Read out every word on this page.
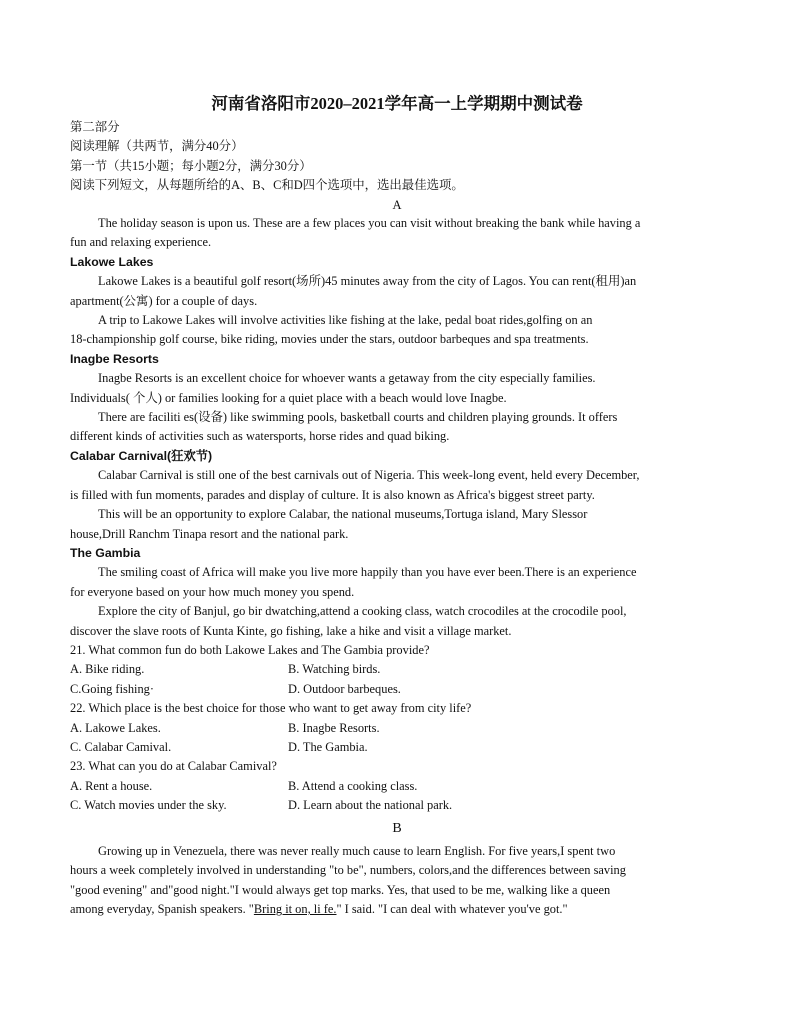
河南省洛阳市2020–2021学年高一上学期期中测试卷
第二部分
阅读理解（共两节，满分40分）
第一节（共15小题；每小题2分，满分30分）
阅读下列短文，从每题所给的A、B、C和D四个选项中，选出最佳选项。
A
The holiday season is upon us. These are a few places you can visit without breaking the bank while having a
fun and relaxing experience.
Lakowe Lakes
Lakowe Lakes is a beautiful golf resort(场所)45 minutes away from the city of Lagos. You can rent(租用)an
apartment(公寓) for a couple of days.
A trip to Lakowe Lakes will involve activities like fishing at the lake, pedal boat rides,golfing on an
18-championship golf course, bike riding, movies under the stars, outdoor barbeques and spa treatments.
Inagbe Resorts
Inagbe Resorts is an excellent choice for whoever wants a getaway from the city especially families.
Individuals( 个人) or families looking for a quiet place with a beach would love Inagbe.
There are faciliti es(设备) like swimming pools, basketball courts and children playing grounds. It offers
different kinds of activities such as watersports, horse rides and quad biking.
Calabar Carnival(狂欢节)
Calabar Carnival is still one of the best carnivals out of Nigeria. This week-long event, held every December,
is filled with fun moments, parades and display of culture. It is also known as Africa's biggest street party.
This will be an opportunity to explore Calabar, the national museums,Tortuga island, Mary Slessor
house,Drill Ranchm Tinapa resort and the national park.
The Gambia
The smiling coast of Africa will make you live more happily than you have ever been.There is an experience
for everyone based on your how much money you spend.
Explore the city of Banjul, go bir dwatching,attend a cooking class, watch crocodiles at the crocodile pool,
discover the slave roots of Kunta Kinte, go fishing, lake a hike and visit a village market.
21. What common fun do both Lakowe Lakes and The Gambia provide?
A. Bike riding.	B. Watching birds.
C.Going fishing·	D. Outdoor barbeques.
22. Which place is the best choice for those who want to get away from city life?
A. Lakowe Lakes.	B. Inagbe Resorts.
C. Calabar Camival.	D. The Gambia.
23. What can you do at Calabar Camival?
A. Rent a house.	B. Attend a cooking class.
C. Watch movies under the sky.	D. Learn about the national park.
B
Growing up in Venezuela, there was never really much cause to learn English. For five years,I spent two
hours a week completely involved in understanding "to be", numbers, colors,and the differences between saving
"good evening" and"good night."I would always get top marks. Yes, that used to be me, walking like a queen
among everyday, Spanish speakers. "Bring it on, li fe." I said. "I can deal with whatever you've got."
